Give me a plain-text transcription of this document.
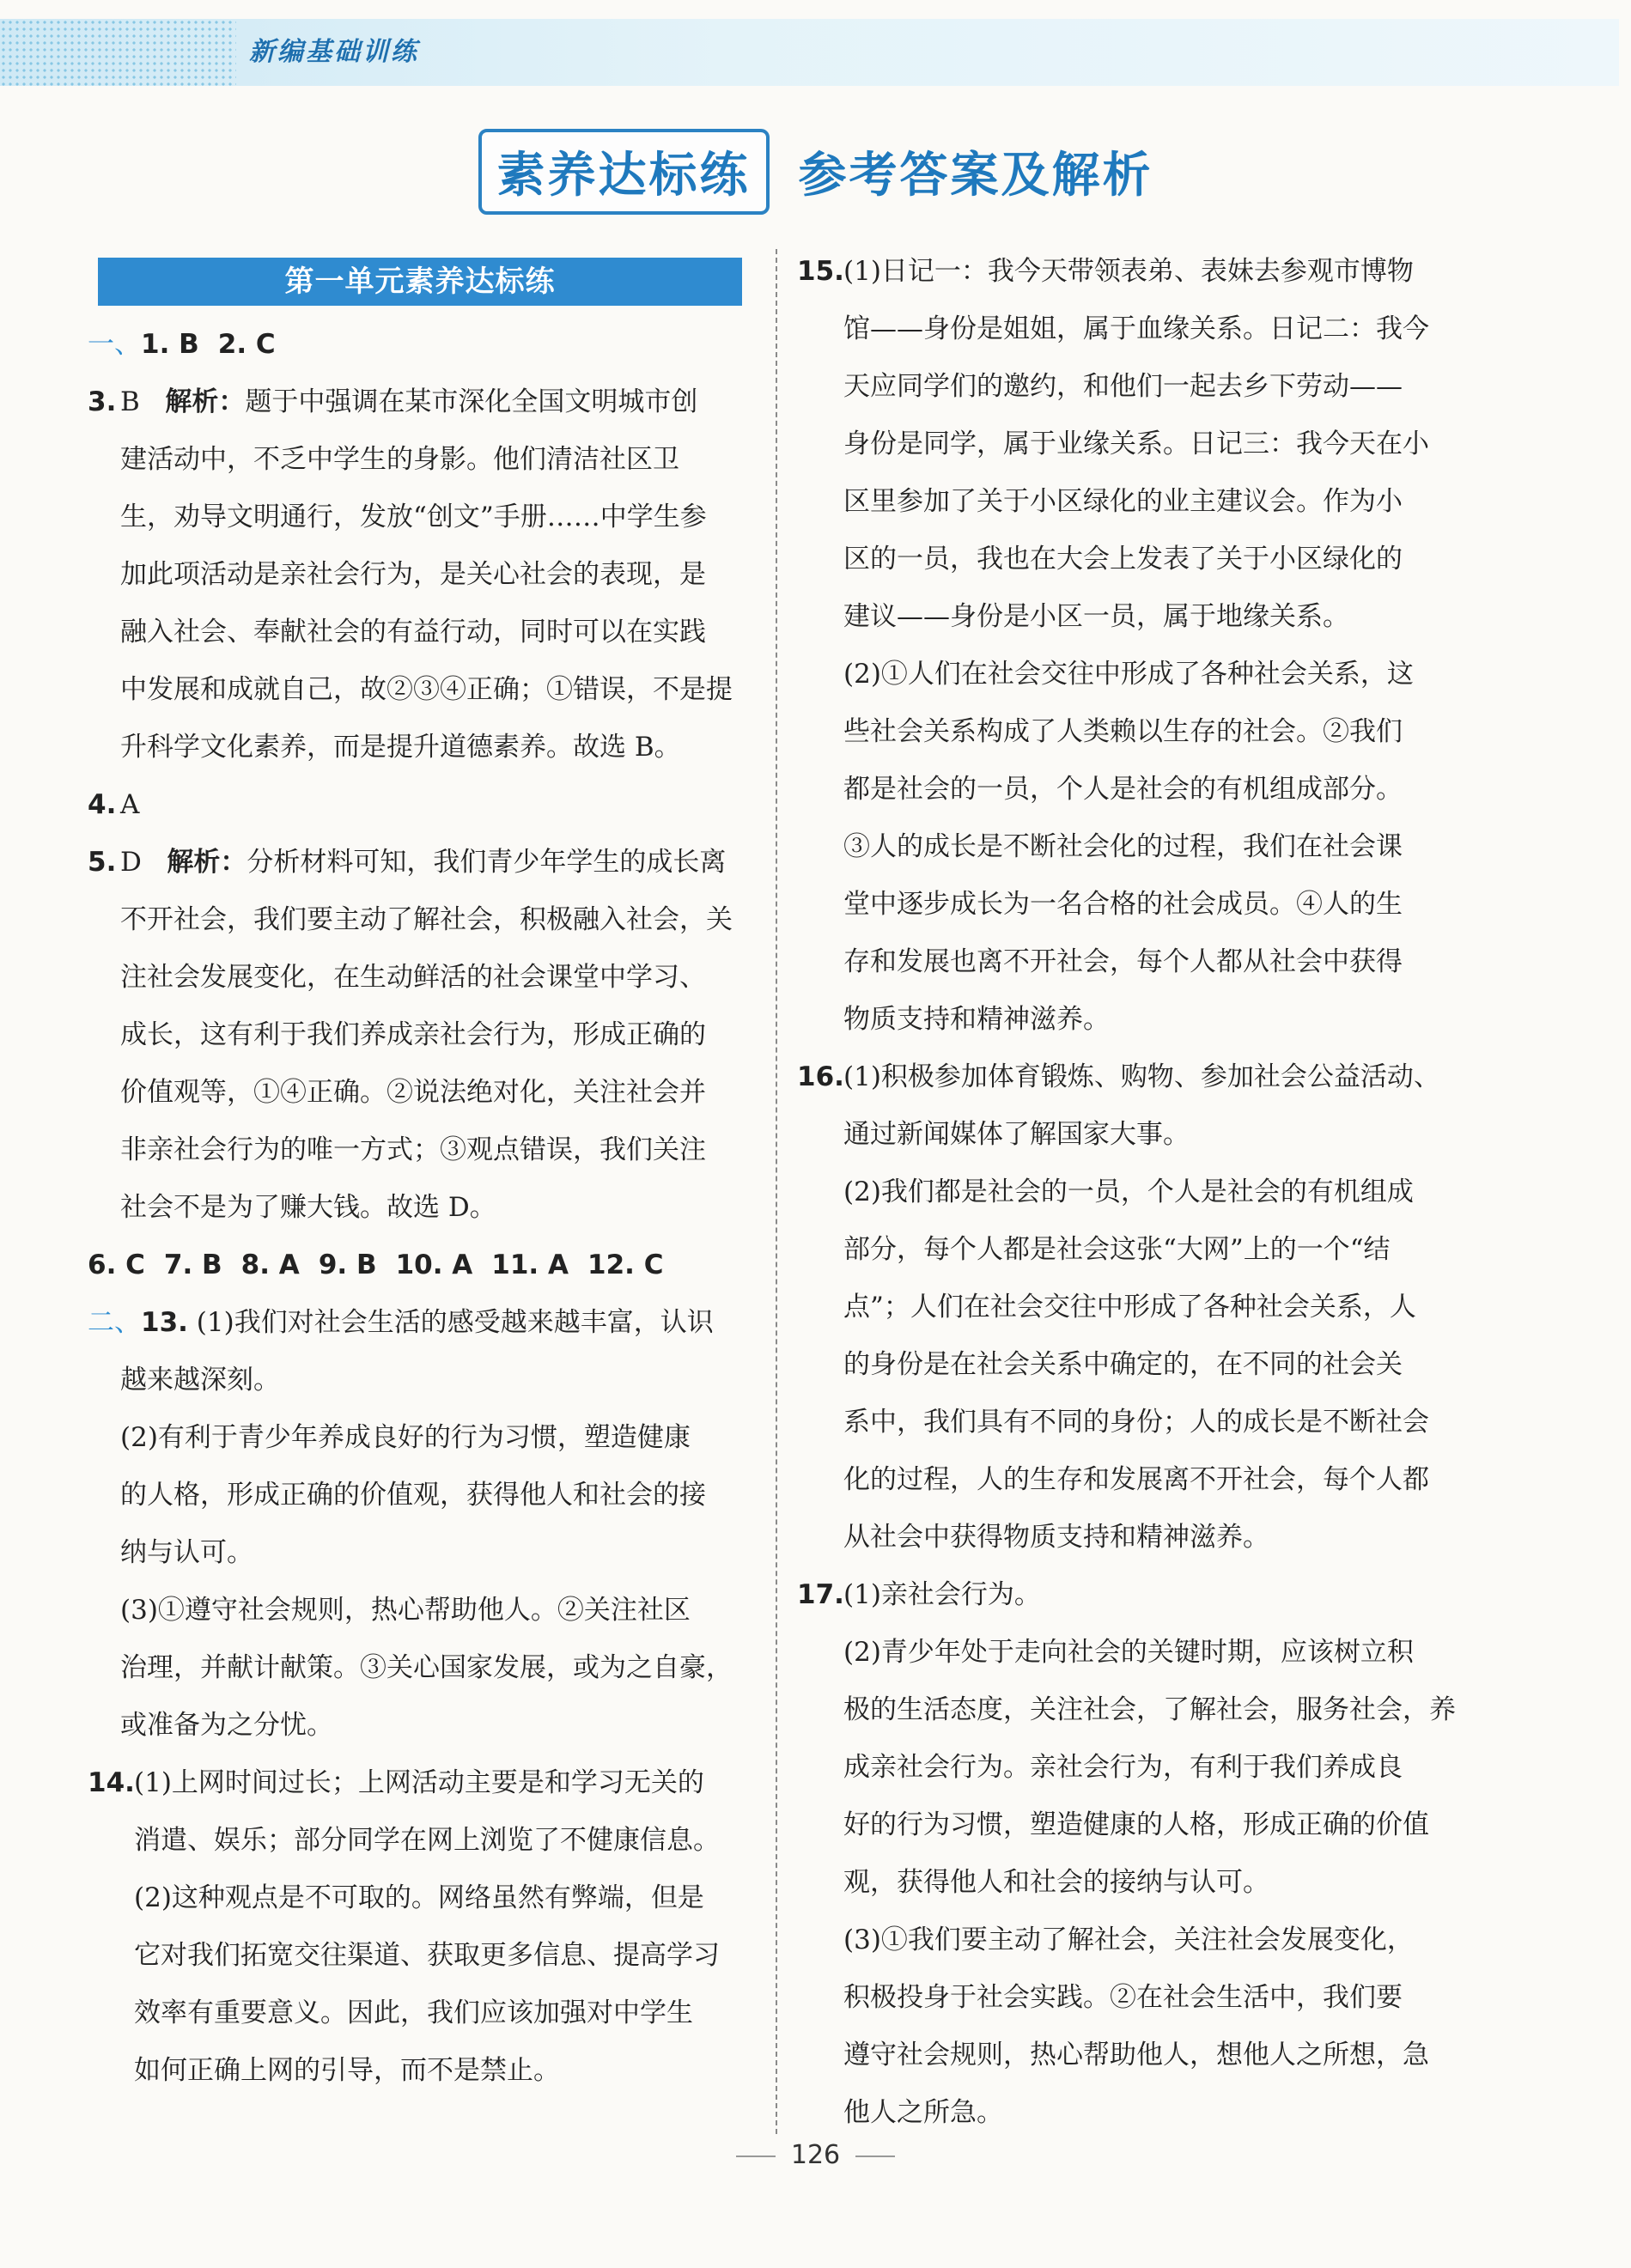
新编基础训练
素养达标练 参考答案及解析
第一单元素养达标练
一、1. B 2. C
3. B 解析：题于中强调在某市深化全国文明城市创
建活动中，不乏中学生的身影。他们清洁社区卫
生，劝导文明通行，发放“创文”手册……中学生参
加此项活动是亲社会行为，是关心社会的表现，是
融入社会、奉献社会的有益行动，同时可以在实践
中发展和成就自己，故②③④正确；①错误，不是提
升科学文化素养，而是提升道德素养。故选 B。
4. A
5. D 解析：分析材料可知，我们青少年学生的成长离
不开社会，我们要主动了解社会，积极融入社会，关
注社会发展变化，在生动鲜活的社会课堂中学习、
成长，这有利于我们养成亲社会行为，形成正确的
价值观等，①④正确。②说法绝对化，关注社会并
非亲社会行为的唯一方式；③观点错误，我们关注
社会不是为了赚大钱。故选 D。
6. C 7. B 8. A 9. B 10. A 11. A 12. C
二、13. (1)我们对社会生活的感受越来越丰富，认识
越来越深刻。
(2)有利于青少年养成良好的行为习惯，塑造健康
的人格，形成正确的价值观，获得他人和社会的接
纳与认可。
(3)①遵守社会规则，热心帮助他人。②关注社区
治理，并献计献策。③关心国家发展，或为之自豪，
或准备为之分忧。
14. (1)上网时间过长；上网活动主要是和学习无关的
消遣、娱乐；部分同学在网上浏览了不健康信息。
(2)这种观点是不可取的。网络虽然有弊端，但是
它对我们拓宽交往渠道、获取更多信息、提高学习
效率有重要意义。因此，我们应该加强对中学生
如何正确上网的引导，而不是禁止。
15. (1)日记一：我今天带领表弟、表妹去参观市博物
馆——身份是姐姐，属于血缘关系。日记二：我今
天应同学们的邀约，和他们一起去乡下劳动——
身份是同学，属于业缘关系。日记三：我今天在小
区里参加了关于小区绿化的业主建议会。作为小
区的一员，我也在大会上发表了关于小区绿化的
建议——身份是小区一员，属于地缘关系。
(2)①人们在社会交往中形成了各种社会关系，这
些社会关系构成了人类赖以生存的社会。②我们
都是社会的一员，个人是社会的有机组成部分。
③人的成长是不断社会化的过程，我们在社会课
堂中逐步成长为一名合格的社会成员。④人的生
存和发展也离不开社会，每个人都从社会中获得
物质支持和精神滋养。
16. (1)积极参加体育锻炼、购物、参加社会公益活动、
通过新闻媒体了解国家大事。
(2)我们都是社会的一员，个人是社会的有机组成
部分，每个人都是社会这张“大网”上的一个“结
点”；人们在社会交往中形成了各种社会关系，人
的身份是在社会关系中确定的，在不同的社会关
系中，我们具有不同的身份；人的成长是不断社会
化的过程，人的生存和发展离不开社会，每个人都
从社会中获得物质支持和精神滋养。
17. (1)亲社会行为。
(2)青少年处于走向社会的关键时期，应该树立积
极的生活态度，关注社会，了解社会，服务社会，养
成亲社会行为。亲社会行为，有利于我们养成良
好的行为习惯，塑造健康的人格，形成正确的价值
观，获得他人和社会的接纳与认可。
(3)①我们要主动了解社会，关注社会发展变化，
积极投身于社会实践。②在社会生活中，我们要
遵守社会规则，热心帮助他人，想他人之所想，急
他人之所急。
126
